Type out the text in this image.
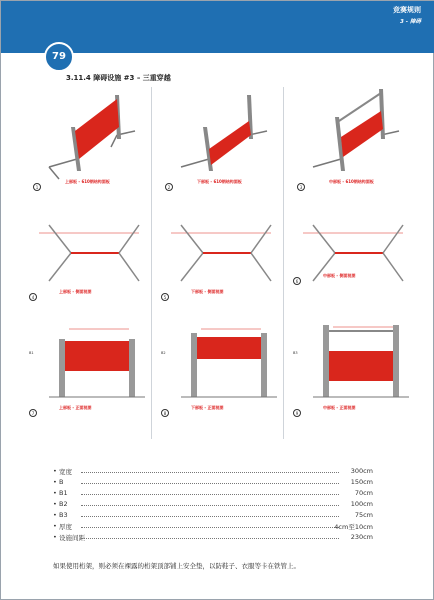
竞赛规则
3 - 障碍
79
3.11.4 障碍设施 #3 – 三重穿越
1
上部板 - 610钢结构面板
2
下部板 - 610钢结构面板
3
中部板 - 610钢结构面板
4
上部板 - 侧面视图
5
下部板 - 侧面视图
6
中部板 - 侧面视图
B1
7
上部板 - 正面视图
B2
8
下部板 - 正面视图
B3
9
中部板 - 正面视图
• 宽度	300cm
• B	150cm
• B1	70cm
• B2	100cm
• B3	75cm
• 厚度	4cm至10cm
• 设施间距	230cm
如果使用桁架，则必须在裸露的桁架顶部铺上安全垫，以防鞋子、衣服等卡在铁管上。
